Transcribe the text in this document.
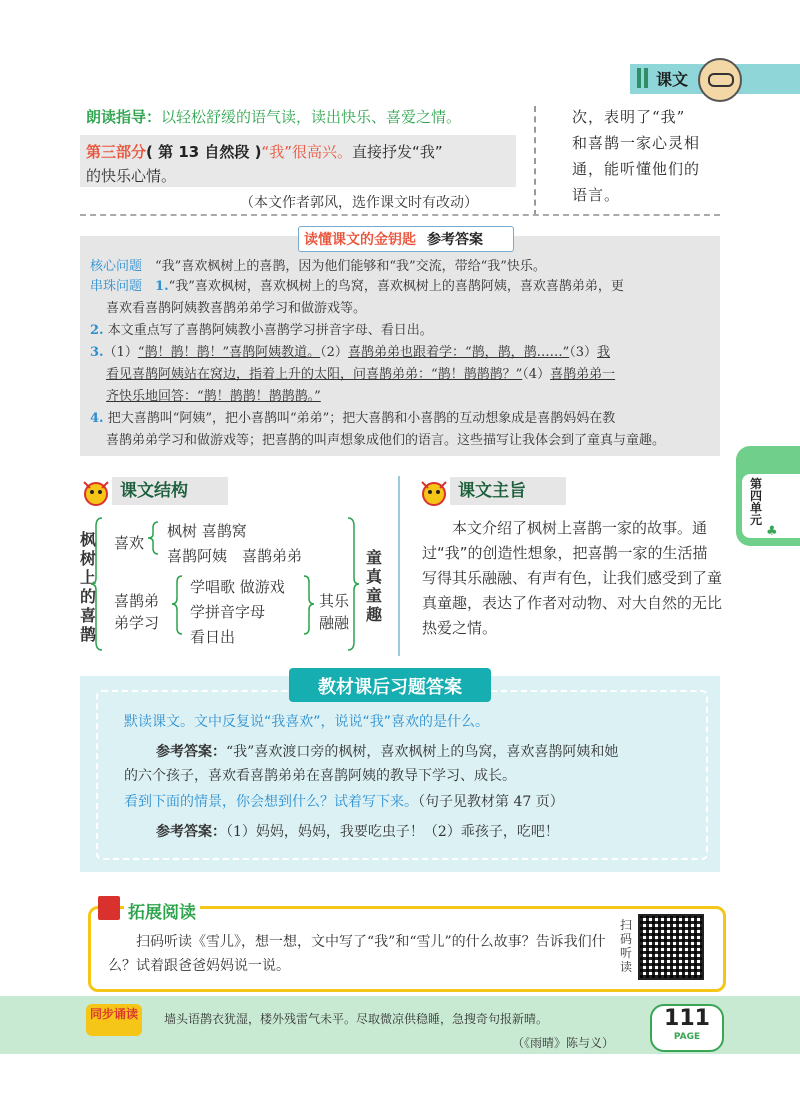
课文
朗读指导：以轻松舒缓的语气读，读出快乐、喜爱之情。
第三部分( 第 13 自然段 )“我”很高兴。直接抒发“我”
的快乐心情。
（本文作者郭风，选作课文时有改动）
次，表明了“我”
和喜鹊一家心灵相
通，能听懂他们的
语言。
读懂课文的金钥匙 参考答案
核心问题　 “我”喜欢枫树上的喜鹊，因为他们能够和“我”交流，带给“我”快乐。
串珠问题　 1.“我”喜欢枫树，喜欢枫树上的鸟窝，喜欢枫树上的喜鹊阿姨，喜欢喜鹊弟弟，更
喜欢看喜鹊阿姨教喜鹊弟弟学习和做游戏等。
2. 本文重点写了喜鹊阿姨教小喜鹊学习拼音字母、看日出。
3.（1）“鹊！鹊！鹊！”喜鹊阿姨教道。（2）喜鹊弟弟也跟着学：“鹊，鹊，鹊……”（3）我
看见喜鹊阿姨站在窝边，指着上升的太阳，问喜鹊弟弟：“鹊！鹊鹊鹊？”（4）喜鹊弟弟一
齐快乐地回答：“鹊！鹊鹊！鹊鹊鹊。”
4. 把大喜鹊叫“阿姨”，把小喜鹊叫“弟弟”；把大喜鹊和小喜鹊的互动想象成是喜鹊妈妈在教
喜鹊弟弟学习和做游戏等；把喜鹊的叫声想象成他们的语言。这些描写让我体会到了童真与童趣。
课文结构	课文主旨
枫树上的喜鹊
喜欢
枫树 喜鹊窝
喜鹊阿姨　喜鹊弟弟
喜鹊弟
弟学习
学唱歌 做游戏
学拼音字母
看日出
其乐
融融
童真童趣
本文介绍了枫树上喜鹊一家的故事。通过“我”的创造性想象，把喜鹊一家的生活描写得其乐融融、有声有色，让我们感受到了童真童趣，表达了作者对动物、对大自然的无比热爱之情。
教材课后习题答案
默读课文。文中反复说“我喜欢”，说说“我”喜欢的是什么。
参考答案：“我”喜欢渡口旁的枫树，喜欢枫树上的鸟窝，喜欢喜鹊阿姨和她
的六个孩子，喜欢看喜鹊弟弟在喜鹊阿姨的教导下学习、成长。
看到下面的情景，你会想到什么？试着写下来。（句子见教材第 47 页）
参考答案：（1）妈妈，妈妈，我要吃虫子！（2）乖孩子，吃吧！
拓展阅读
扫码听读《雪儿》，想一想，文中写了“我”和“雪儿”的什么故事？告诉我们什么？试着跟爸爸妈妈说一说。
扫码听读
第四单元
♣
同步诵读 墙头语鹊衣犹湿，楼外残雷气未平。尽取微凉供稳睡，急搜奇句报新晴。
（《雨晴》陈与义）
111
PAGE
